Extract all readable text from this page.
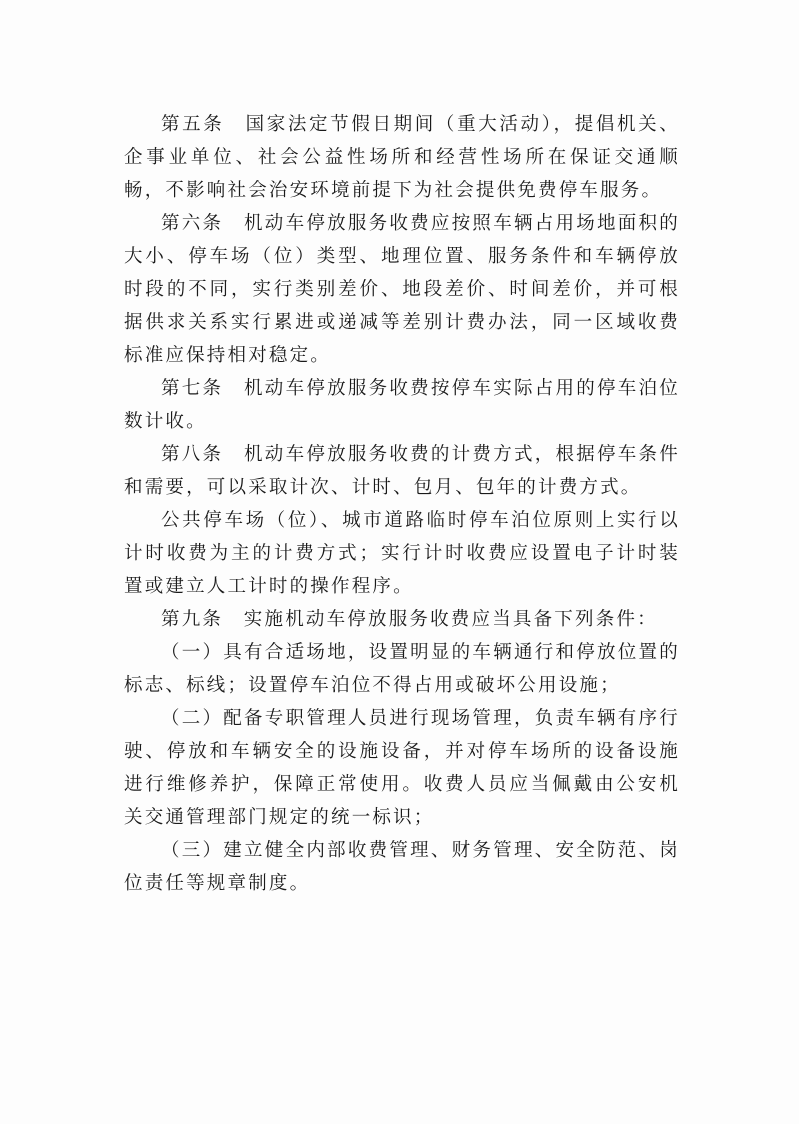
第五条　国家法定节假日期间（重大活动），提倡机关、企事业单位、社会公益性场所和经营性场所在保证交通顺畅，不影响社会治安环境前提下为社会提供免费停车服务。

第六条　机动车停放服务收费应按照车辆占用场地面积的大小、停车场（位）类型、地理位置、服务条件和车辆停放时段的不同，实行类别差价、地段差价、时间差价，并可根据供求关系实行累进或递减等差别计费办法，同一区域收费标准应保持相对稳定。

第七条　机动车停放服务收费按停车实际占用的停车泊位数计收。

第八条　机动车停放服务收费的计费方式，根据停车条件和需要，可以采取计次、计时、包月、包年的计费方式。

公共停车场（位）、城市道路临时停车泊位原则上实行以计时收费为主的计费方式；实行计时收费应设置电子计时装置或建立人工计时的操作程序。

第九条　实施机动车停放服务收费应当具备下列条件：

（一）具有合适场地，设置明显的车辆通行和停放位置的标志、标线；设置停车泊位不得占用或破坏公用设施；

（二）配备专职管理人员进行现场管理，负责车辆有序行驶、停放和车辆安全的设施设备，并对停车场所的设备设施进行维修养护，保障正常使用。收费人员应当佩戴由公安机关交通管理部门规定的统一标识；

（三）建立健全内部收费管理、财务管理、安全防范、岗位责任等规章制度。
